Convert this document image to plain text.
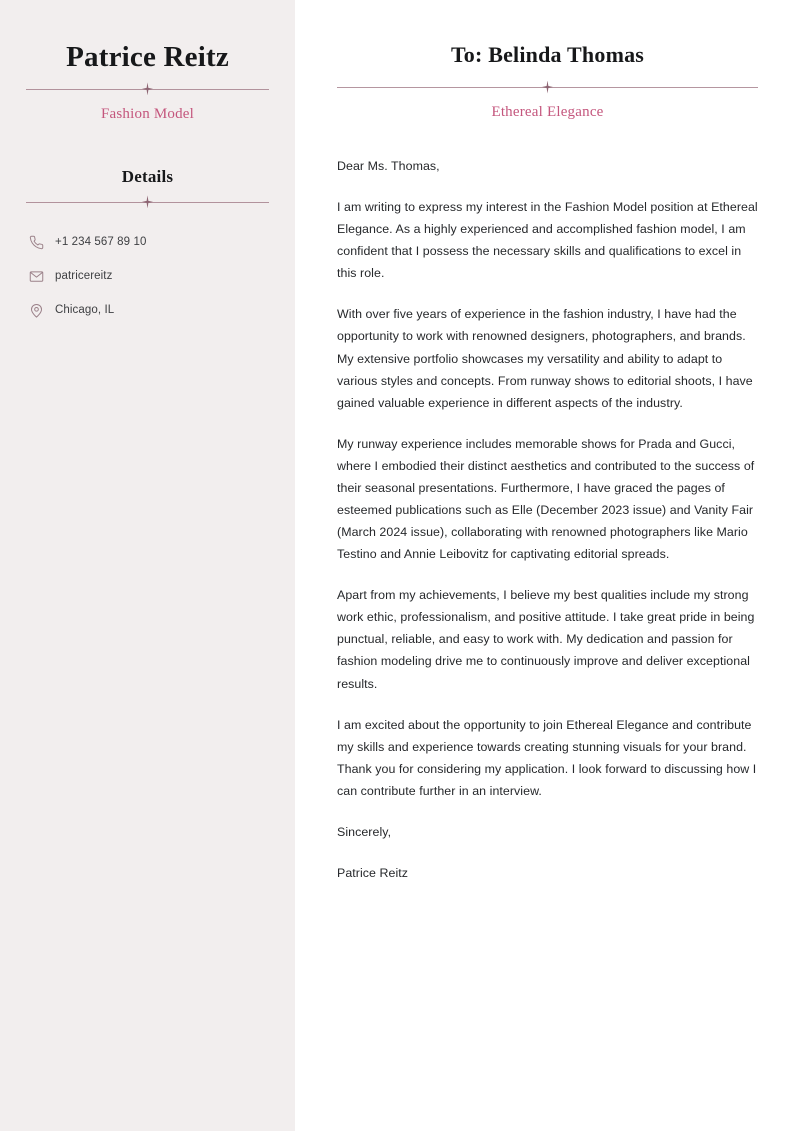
Patrice Reitz
Fashion Model
Details
+1 234 567 89 10
patricereitz
Chicago, IL
To: Belinda Thomas
Ethereal Elegance

Dear Ms. Thomas,

I am writing to express my interest in the Fashion Model position at Ethereal Elegance. As a highly experienced and accomplished fashion model, I am confident that I possess the necessary skills and qualifications to excel in this role.

With over five years of experience in the fashion industry, I have had the opportunity to work with renowned designers, photographers, and brands. My extensive portfolio showcases my versatility and ability to adapt to various styles and concepts. From runway shows to editorial shoots, I have gained valuable experience in different aspects of the industry.

My runway experience includes memorable shows for Prada and Gucci, where I embodied their distinct aesthetics and contributed to the success of their seasonal presentations. Furthermore, I have graced the pages of esteemed publications such as Elle (December 2023 issue) and Vanity Fair (March 2024 issue), collaborating with renowned photographers like Mario Testino and Annie Leibovitz for captivating editorial spreads.

Apart from my achievements, I believe my best qualities include my strong work ethic, professionalism, and positive attitude. I take great pride in being punctual, reliable, and easy to work with. My dedication and passion for fashion modeling drive me to continuously improve and deliver exceptional results.

I am excited about the opportunity to join Ethereal Elegance and contribute my skills and experience towards creating stunning visuals for your brand. Thank you for considering my application. I look forward to discussing how I can contribute further in an interview.

Sincerely,

Patrice Reitz
